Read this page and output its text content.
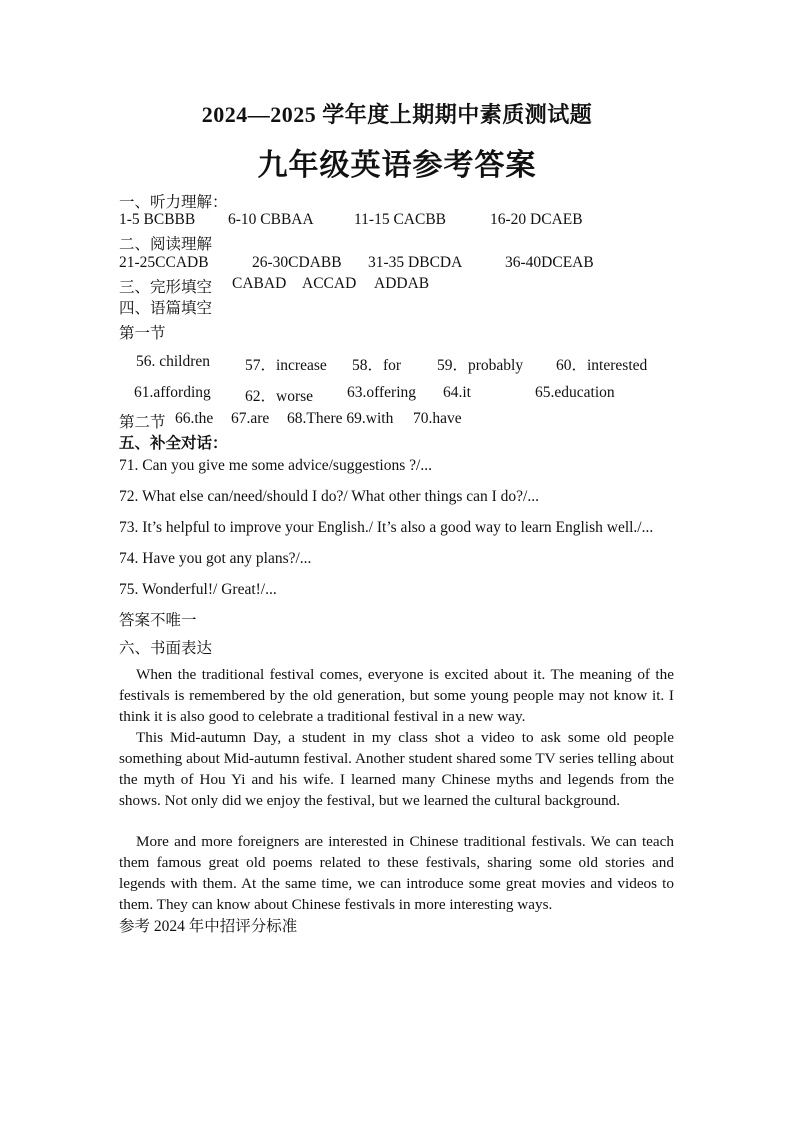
2024—2025 学年度上期期中素质测试题
九年级英语参考答案
一、听力理解：
1-5 BCBBB 6-10 CBBAA	11-15 CACBB	16-20 DCAEB
二、阅读理解
21-25CCADB	26-30CDABB 31-35 DBCDA	36-40DCEAB
三、完形填空 CABAD ACCAD ADDAB
四、语篇填空
第一节
56. children 57．increase 58．for 59．probably 60．interested
61.affording 62．worse 63.offering 64.it	65.education
第二节 66.the 67.are 68.There 69.with 70.have
五、补全对话：
71. Can you give me some advice/suggestions ?/...
72. What else can/need/should I do?/ What other things can I do?/...
73. It’s helpful to improve your English./ It’s also a good way to learn English well./...
74. Have you got any plans?/...
75. Wonderful!/ Great!/...
答案不唯一
六、书面表达
When the traditional festival comes, everyone is excited about it. The meaning of the festivals is remembered by the old generation, but some young people may not know it. I think it is also good to celebrate a traditional festival in a new way.
This Mid-autumn Day, a student in my class shot a video to ask some old people something about Mid-autumn festival. Another student shared some TV series telling about the myth of Hou Yi and his wife. I learned many Chinese myths and legends from the shows. Not only did we enjoy the festival, but we learned the cultural background.
More and more foreigners are interested in Chinese traditional festivals. We can teach them famous great old poems related to these festivals, sharing some old stories and legends with them. At the same time, we can introduce some great movies and videos to them. They can know about Chinese festivals in more interesting ways.
参考 2024 年中招评分标准
